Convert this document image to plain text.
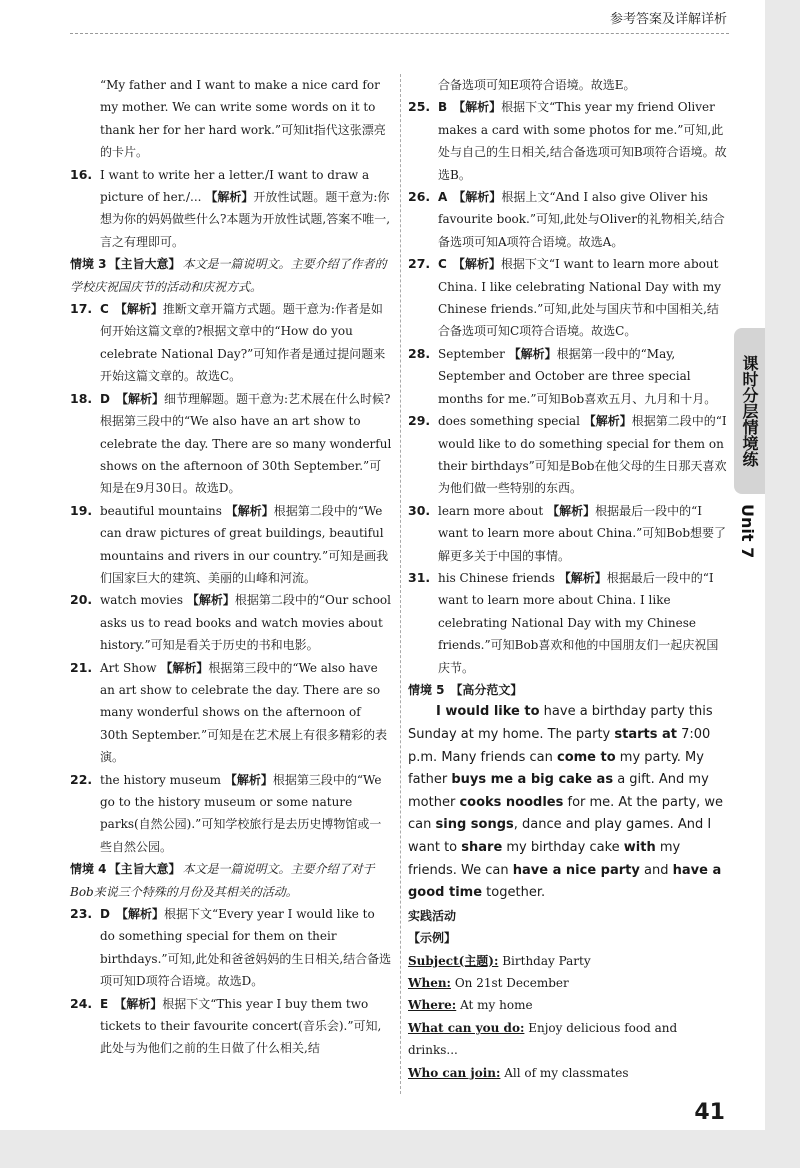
参考答案及详解详析

“My father and I want to make a nice card for my mother. We can write some words on it to thank her for her hard work.”可知it指代这张漂亮的卡片。

16. I want to write her a letter./I want to draw a picture of her./... 【解析】开放性试题。题干意为:你想为你的妈妈做些什么?本题为开放性试题,答案不唯一,言之有理即可。

情境 3 【主旨大意】 本文是一篇说明文。主要介绍了作者的学校庆祝国庆节的活动和庆祝方式。

17. C 【解析】推断文章开篇方式题。题干意为:作者是如何开始这篇文章的?根据文章中的“How do you celebrate National Day?”可知作者是通过提问题来开始这篇文章的。故选C。

18. D 【解析】细节理解题。题干意为:艺术展在什么时候?根据第三段中的“We also have an art show to celebrate the day. There are so many wonderful shows on the afternoon of 30th September.”可知是在9月30日。故选D。

19. beautiful mountains 【解析】根据第二段中的“We can draw pictures of great buildings, beautiful mountains and rivers in our country.”可知是画我们国家巨大的建筑、美丽的山峰和河流。

20. watch movies 【解析】根据第二段中的“Our school asks us to read books and watch movies about history.”可知是看关于历史的书和电影。

21. Art Show 【解析】根据第三段中的“We also have an art show to celebrate the day. There are so many wonderful shows on the afternoon of 30th September.”可知是在艺术展上有很多精彩的表演。

22. the history museum 【解析】根据第三段中的“We go to the history museum or some nature parks(自然公园).”可知学校旅行是去历史博物馆或一些自然公园。

情境 4 【主旨大意】 本文是一篇说明文。主要介绍了对于Bob来说三个特殊的月份及其相关的活动。

23. D 【解析】根据下文“Every year I would like to do something special for them on their birthdays.”可知,此处和爸爸妈妈的生日相关,结合备选项可知D项符合语境。故选D。

24. E 【解析】根据下文“This year I buy them two tickets to their favourite concert(音乐会).”可知,此处与为他们之前的生日做了什么相关,结

合备选项可知E项符合语境。故选E。

25. B 【解析】根据下文“This year my friend Oliver makes a card with some photos for me.”可知,此处与自己的生日相关,结合备选项可知B项符合语境。故选B。

26. A 【解析】根据上文“And I also give Oliver his favourite book.”可知,此处与Oliver的礼物相关,结合备选项可知A项符合语境。故选A。

27. C 【解析】根据下文“I want to learn more about China. I like celebrating National Day with my Chinese friends.”可知,此处与国庆节和中国相关,结合备选项可知C项符合语境。故选C。

28. September 【解析】根据第一段中的“May, September and October are three special months for me.”可知Bob喜欢五月、九月和十月。

29. does something special 【解析】根据第二段中的“I would like to do something special for them on their birthdays”可知是Bob在他父母的生日那天喜欢为他们做一些特别的东西。

30. learn more about 【解析】根据最后一段中的“I want to learn more about China.”可知Bob想要了解更多关于中国的事情。

31. his Chinese friends 【解析】根据最后一段中的“I want to learn more about China. I like celebrating National Day with my Chinese friends.”可知Bob喜欢和他的中国朋友们一起庆祝国庆节。

情境 5 【高分范文】

I would like to have a birthday party this Sunday at my home. The party starts at 7:00 p.m. Many friends can come to my party. My father buys me a big cake as a gift. And my mother cooks noodles for me. At the party, we can sing songs, dance and play games. And I want to share my birthday cake with my friends. We can have a nice party and have a good time together.

实践活动

【示例】

Subject(主题): Birthday Party

When: On 21st December

Where: At my home

What can you do: Enjoy delicious food and drinks...

Who can join: All of my classmates

41
课时分层情境练
Unit 7
